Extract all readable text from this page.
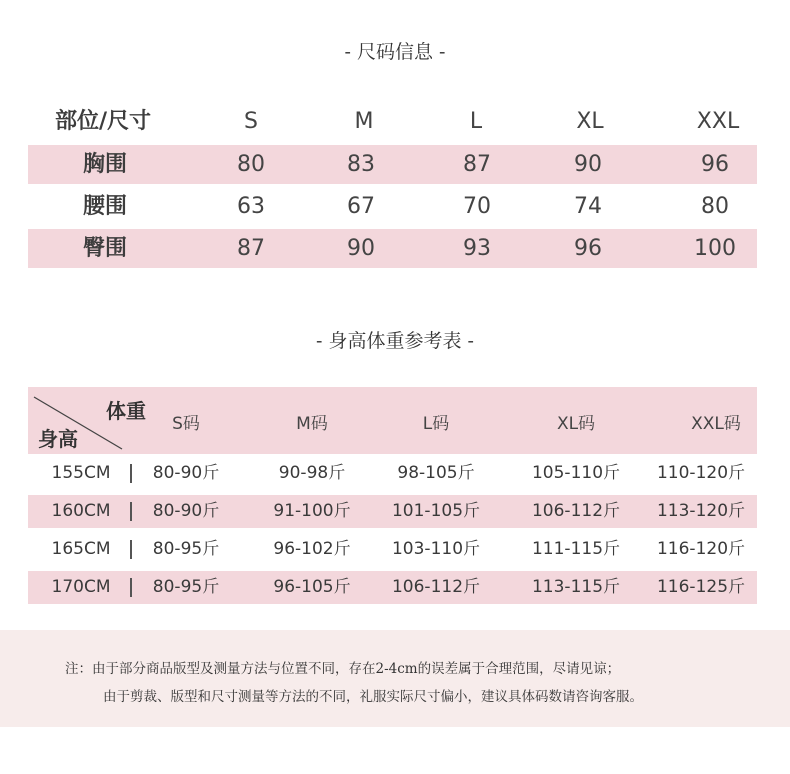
- 尺码信息 -
部位/尺寸	S	M	L	XL	XXL
胸围	80	83	87	90	96
腰围	63	67	70	74	80
臀围	87	90	93	96	100
- 身高体重参考表 -
体重
身高
S码	M码	L码	XL码	XXL码
155CM	80-90斤	90-98斤	98-105斤	105-110斤	110-120斤
160CM	80-90斤	91-100斤	101-105斤	106-112斤	113-120斤
165CM	80-95斤	96-102斤	103-110斤	111-115斤	116-120斤
170CM	80-95斤	96-105斤	106-112斤	113-115斤	116-125斤
注：由于部分商品版型及测量方法与位置不同，存在2-4cm的误差属于合理范围，尽请见谅；
由于剪裁、版型和尺寸测量等方法的不同，礼服实际尺寸偏小，建议具体码数请咨询客服。
